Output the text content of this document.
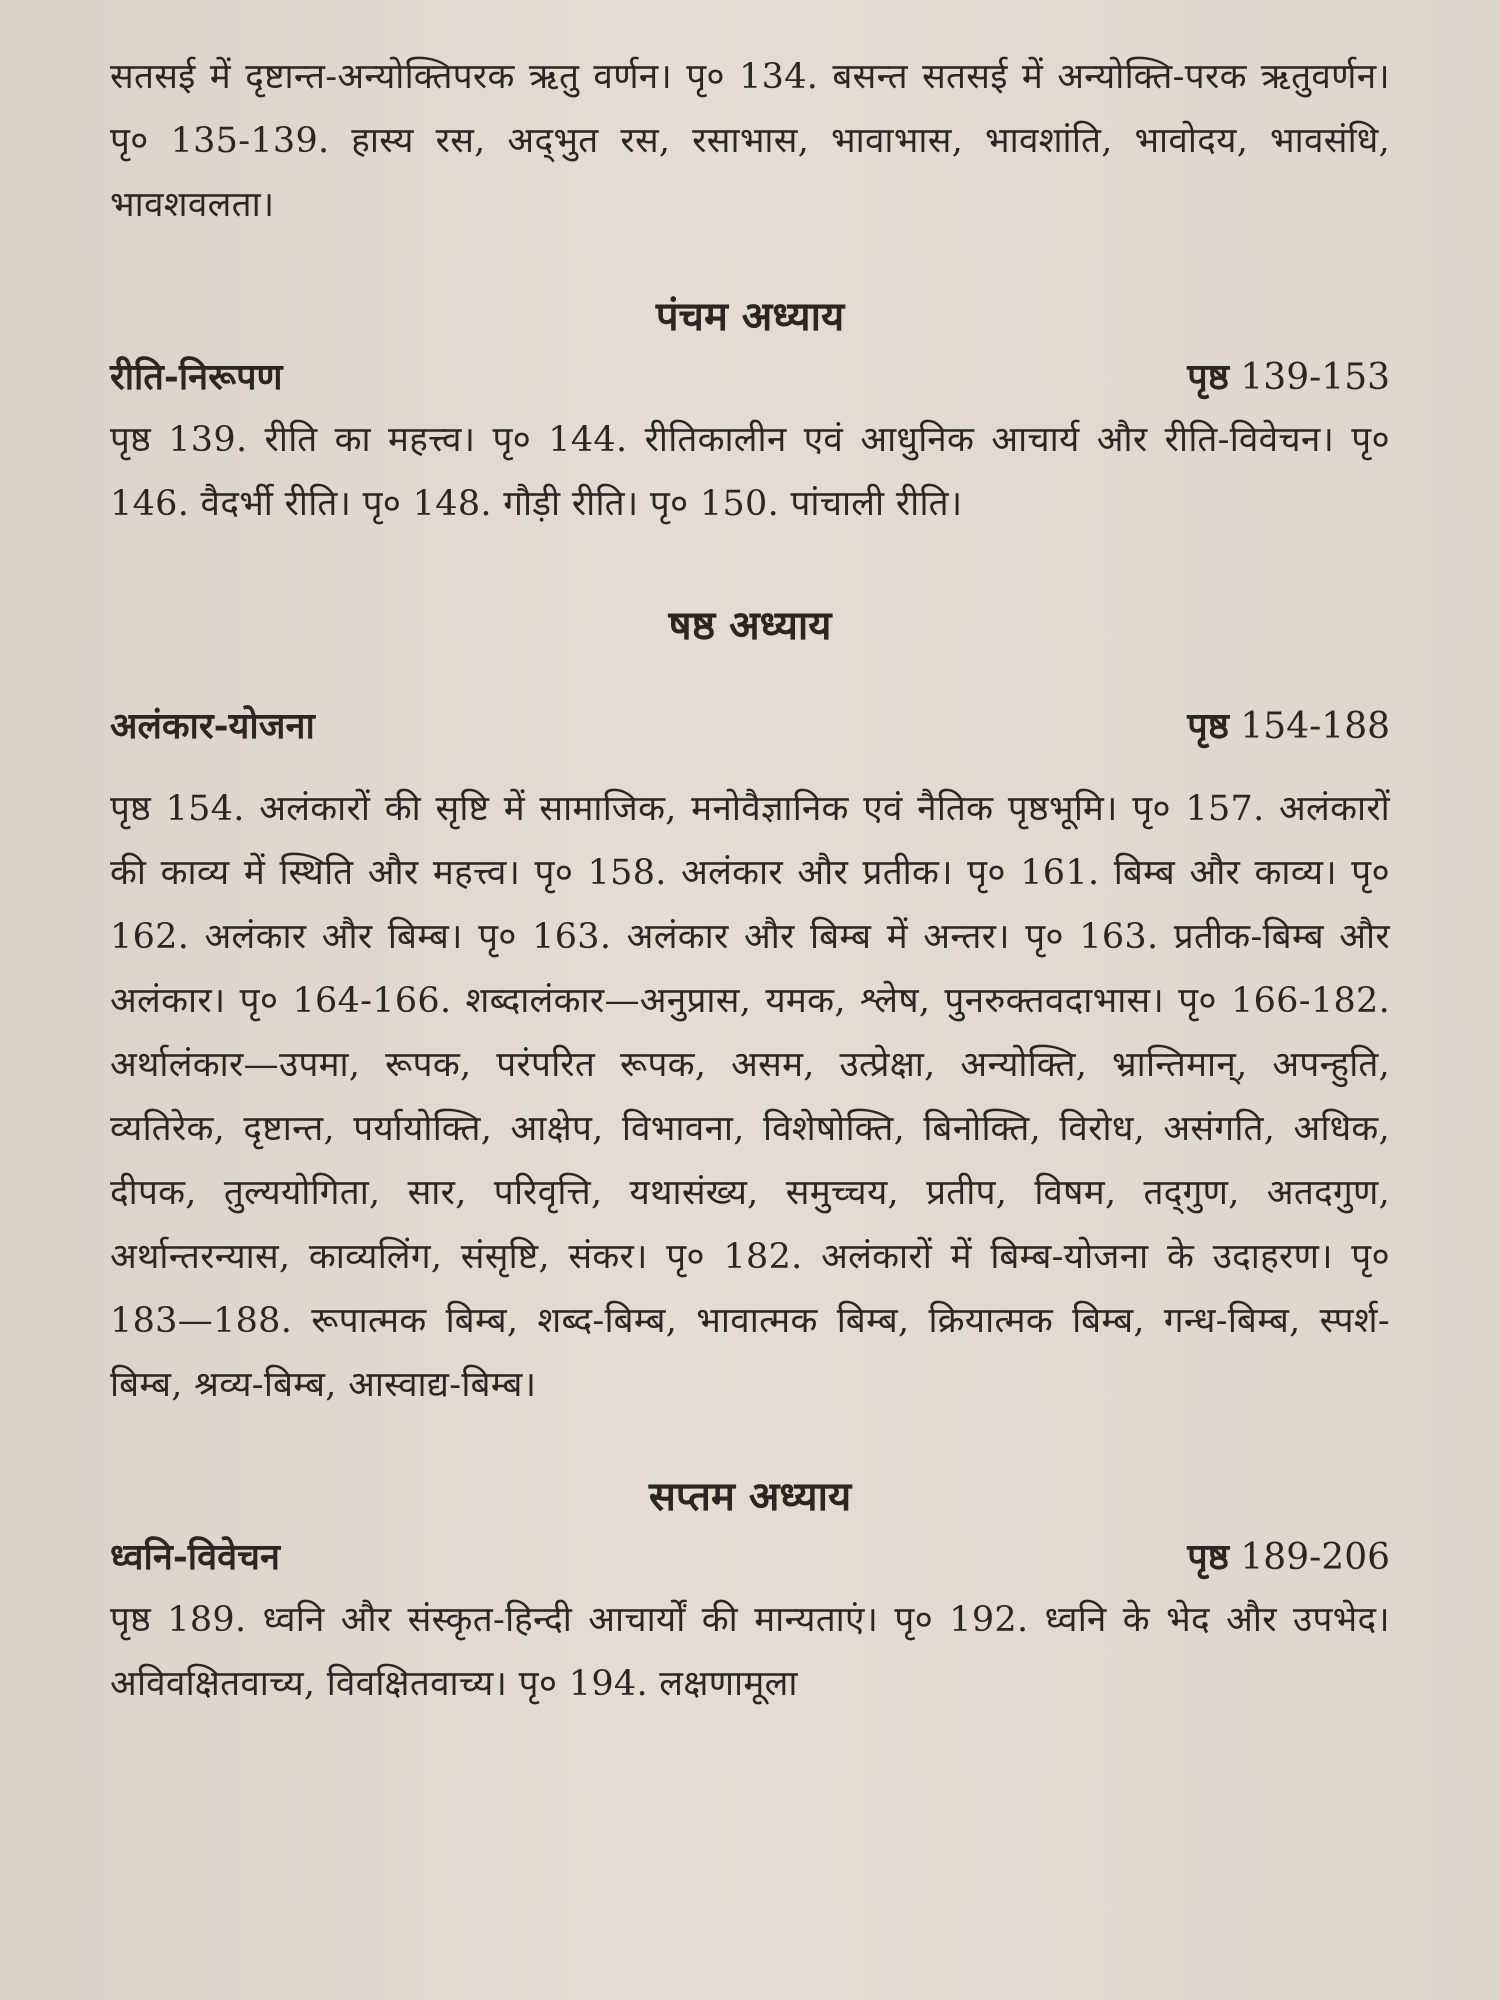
सतसई में दृष्टान्त-अन्योक्तिपरक ऋतु वर्णन। पृ० 134. बसन्त सतसई में अन्योक्ति-परक ऋतुवर्णन। पृ० 135-139. हास्य रस, अद्‌भुत रस, रसाभास, भावाभास, भावशांति, भावोदय, भावसंधि, भावशवलता।

पंचम अध्याय
रीति-निरूपण	पृष्ठ 139-153

पृष्ठ 139. रीति का महत्त्व। पृ० 144. रीतिकालीन एवं आधुनिक आचार्य और रीति-विवेचन। पृ० 146. वैदर्भी रीति। पृ० 148. गौड़ी रीति। पृ० 150. पांचाली रीति।

षष्ठ अध्याय
अलंकार-योजना	पृष्ठ 154-188

पृष्ठ 154. अलंकारों की सृष्टि में सामाजिक, मनोवैज्ञानिक एवं नैतिक पृष्ठभूमि। पृ० 157. अलंकारों की काव्य में स्थिति और महत्त्व। पृ० 158. अलंकार और प्रतीक। पृ० 161. बिम्ब और काव्य। पृ० 162. अलंकार और बिम्ब। पृ० 163. अलंकार और बिम्ब में अन्तर। पृ० 163. प्रतीक-बिम्ब और अलंकार। पृ० 164-166. शब्दालंकार—अनुप्रास, यमक, श्लेष, पुनरुक्तवदाभास। पृ० 166-182. अर्थालंकार—उपमा, रूपक, परंपरित रूपक, असम, उत्प्रेक्षा, अन्योक्ति, भ्रान्तिमान्, अपन्हुति, व्यतिरेक, दृष्टान्त, पर्यायोक्ति, आक्षेप, विभावना, विशेषोक्ति, बिनोक्ति, विरोध, असंगति, अधिक, दीपक, तुल्ययोगिता, सार, परिवृत्ति, यथासंख्य, समुच्चय, प्रतीप, विषम, तद्‌गुण, अतदगुण, अर्थान्तरन्यास, काव्यलिंग, संसृष्टि, संकर। पृ० 182. अलंकारों में बिम्ब-योजना के उदाहरण। पृ० 183—188. रूपात्मक बिम्ब, शब्द-बिम्ब, भावात्मक बिम्ब, क्रियात्मक बिम्ब, गन्ध-बिम्ब, स्पर्श-बिम्ब, श्रव्य-बिम्ब, आस्वाद्य-बिम्ब।

सप्तम अध्याय
ध्वनि-विवेचन	पृष्ठ 189-206

पृष्ठ 189. ध्वनि और संस्कृत-हिन्दी आचार्यों की मान्यताएं। पृ० 192. ध्वनि के भेद और उपभेद। अविवक्षितवाच्य, विवक्षितवाच्य। पृ० 194. लक्षणामूला
